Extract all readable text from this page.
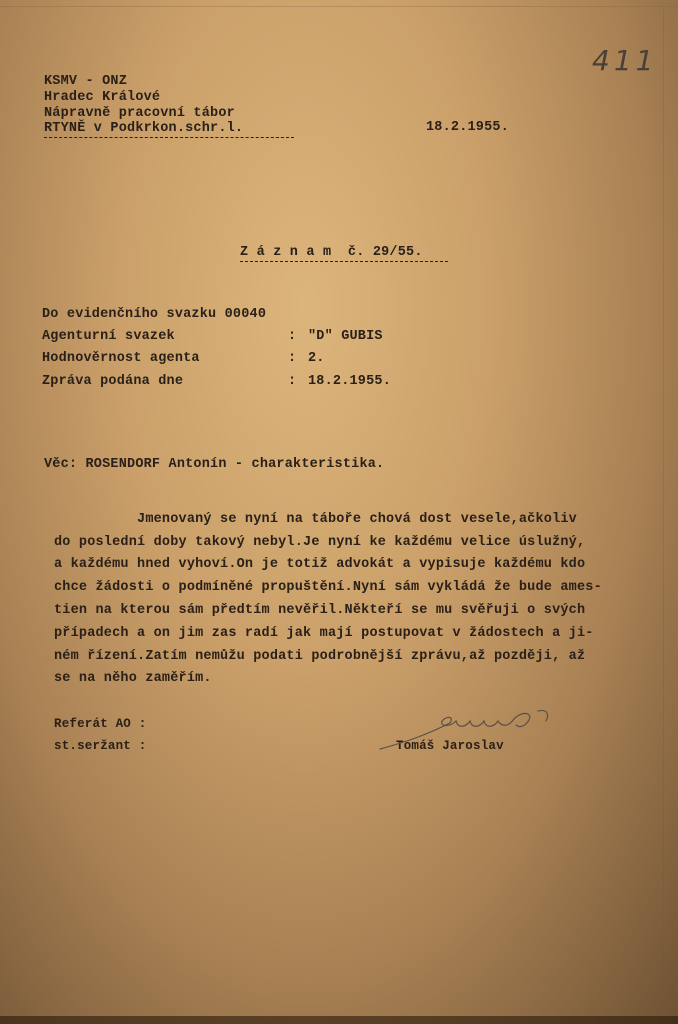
411
KSMV - ONZ
Hradec Králové
Nápravně pracovní tábor
RTYNĚ v Podkrkon.schr.l.	18.2.1955.
Z á z n a m  č. 29/55.
Do evidenčního svazku 00040
Agenturní svazek	: "D" GUBIS
Hodnověrnost agenta	: 2.
Zpráva podána dne	: 18.2.1955.
Věc: ROSENDORF Antonín - charakteristika.
Jmenovaný se nyní na táboře chová dost vesele,ačkoliv
do poslední doby takový nebyl.Je nyní ke každému velice úslužný,
a každému hned vyhoví.On je totiž advokát a vypisuje každému kdo
chce žádosti o podmíněné propuštění.Nyní sám vykládá že bude ames-
tien na kterou sám předtím nevěřil.Někteří se mu svěřuji o svých
případech a on jim zas radí jak mají postupovat v žádostech a ji-
ném řízení.Zatím nemůžu podati podrobnější zprávu,až později, až
se na něho zaměřím.
Referát AO :
st.seržant :	Tomáš Jaroslav
